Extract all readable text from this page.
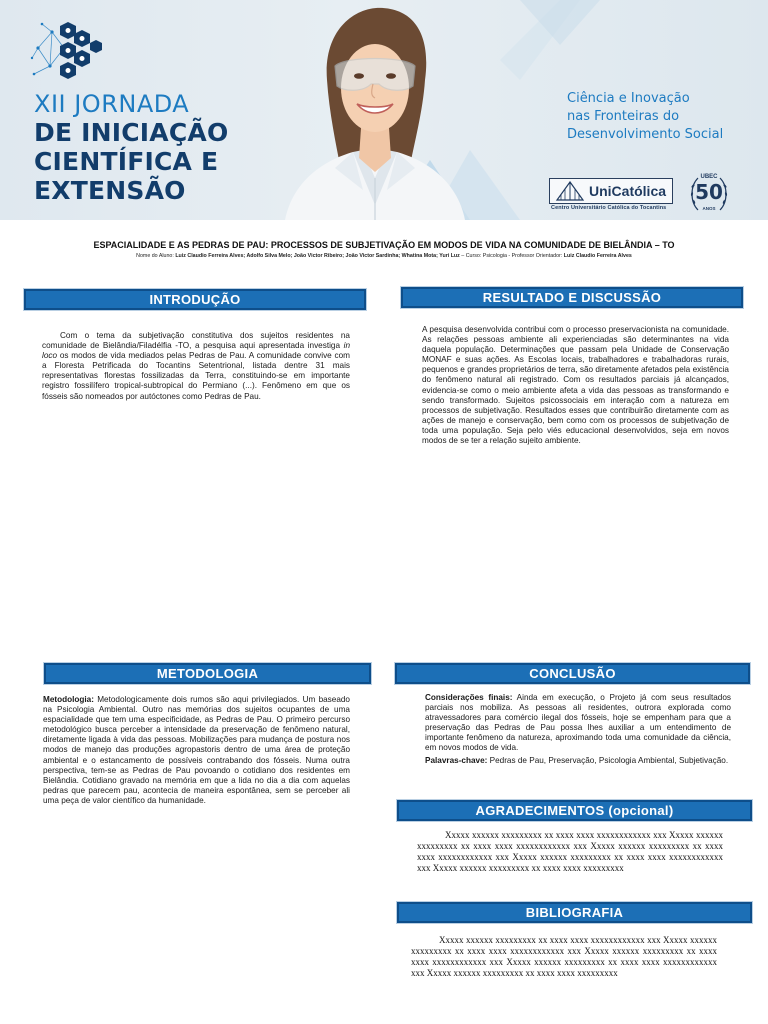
XII JORNADA
DE INICIAÇÃO
CIENTÍFICA E
EXTENSÃO
Ciência e Inovação
nas Fronteiras do
Desenvolvimento Social
UniCatólica
Centro Universitário Católica do Tocantins
UBEC
50
ANOS
ESPACIALIDADE E AS PEDRAS DE PAU: PROCESSOS DE SUBJETIVAÇÃO EM MODOS DE VIDA NA COMUNIDADE DE BIELÂNDIA – TO
Nome do Aluno: Luiz Claudio Ferreira Alves; Adolfo Silva Melo; João Victor Ribeiro; João Victor Sardinha; Whatina Mota; Yuri Luz – Curso: Psicologia - Professor Orientador: Luiz Claudio Ferreira Alves
INTRODUÇÃO

Com o tema da subjetivação constitutiva dos sujeitos residentes na comunidade de Bielândia/Filadélfia -TO, a pesquisa aqui apresentada investiga in loco os modos de vida mediados pelas Pedras de Pau. A comunidade convive com a Floresta Petrificada do Tocantins Setentrional, listada dentre 31 mais representativas florestas fossilizadas da Terra, constituindo-se em importante registro fossilífero tropical-subtropical do Permiano (...). Fenômeno em que os fósseis são nomeados por autóctones como Pedras de Pau.

RESULTADO E DISCUSSÃO

A pesquisa desenvolvida contribui com o processo preservacionista na comunidade. As relações pessoas ambiente ali experienciadas são determinantes na vida daquela população. Determinações que passam pela Unidade de Conservação MONAF e suas ações. As Escolas locais, trabalhadores e trabalhadoras rurais, pequenos e grandes proprietários de terra, são diretamente afetados pela existência do fenômeno natural ali registrado. Com os resultados parciais já alcançados, evidencia-se como o meio ambiente afeta a vida das pessoas as transformando e sendo transformado. Sujeitos psicossociais em interação com a natureza em processos de subjetivação. Resultados esses que contribuirão diretamente com as ações de manejo e conservação, bem como com os processos de subjetivação de toda uma população. Seja pelo viés educacional desenvolvidos, seja em novos modos de se ter a relação sujeito ambiente.

METODOLOGIA

Metodologia: Metodologicamente dois rumos são aqui privilegiados. Um baseado na Psicologia Ambiental. Outro nas memórias dos sujeitos ocupantes de uma espacialidade que tem uma especificidade, as Pedras de Pau. O primeiro percurso metodológico busca perceber a intensidade da preservação de fenômeno natural, diretamente ligada à vida das pessoas. Mobilizações para mudança de postura nos modos de manejo das produções agropastoris dentro de uma área de proteção ambiental e o estancamento de possíveis contrabando dos fósseis. Numa outra perspectiva, tem-se as Pedras de Pau povoando o cotidiano dos residentes em Bielândia. Cotidiano gravado na memória em que a lida no dia a dia com aquelas pedras que parecem pau, acontecia de maneira espontânea, sem se perceber ali uma peça de valor científico da humanidade.

CONCLUSÃO

Considerações finais: Ainda em execução, o Projeto já com seus resultados parciais nos mobiliza. As pessoas ali residentes, outrora explorada como atravessadores para comércio ilegal dos fósseis, hoje se empenham para que a preservação das Pedras de Pau possa lhes auxiliar a um entendimento de importante fenômeno da natureza, aproximando toda uma comunidade da ciência, em novos modos de vida.

Palavras-chave: Pedras de Pau, Preservação, Psicologia Ambiental, Subjetivação.

AGRADECIMENTOS (opcional)

Xxxxx xxxxxx xxxxxxxxx xx xxxx xxxx xxxxxxxxxxxx xxx Xxxxx xxxxxx xxxxxxxxx xx xxxx xxxx xxxxxxxxxxxx xxx Xxxxx xxxxxx xxxxxxxxx xx xxxx xxxx xxxxxxxxxxxx xxx Xxxxx xxxxxx xxxxxxxxx xx xxxx xxxx xxxxxxxxxxxx xxx Xxxxx xxxxxx xxxxxxxxx xx xxxx xxxx xxxxxxxxx

BIBLIOGRAFIA

Xxxxx xxxxxx xxxxxxxxx xx xxxx xxxx xxxxxxxxxxxx xxx Xxxxx xxxxxx xxxxxxxxx xx xxxx xxxx xxxxxxxxxxxx xxx Xxxxx xxxxxx xxxxxxxxx xx xxxx xxxx xxxxxxxxxxxx xxx Xxxxx xxxxxx xxxxxxxxx xx xxxx xxxx xxxxxxxxxxxx xxx Xxxxx xxxxxx xxxxxxxxx xx xxxx xxxx xxxxxxxxx
